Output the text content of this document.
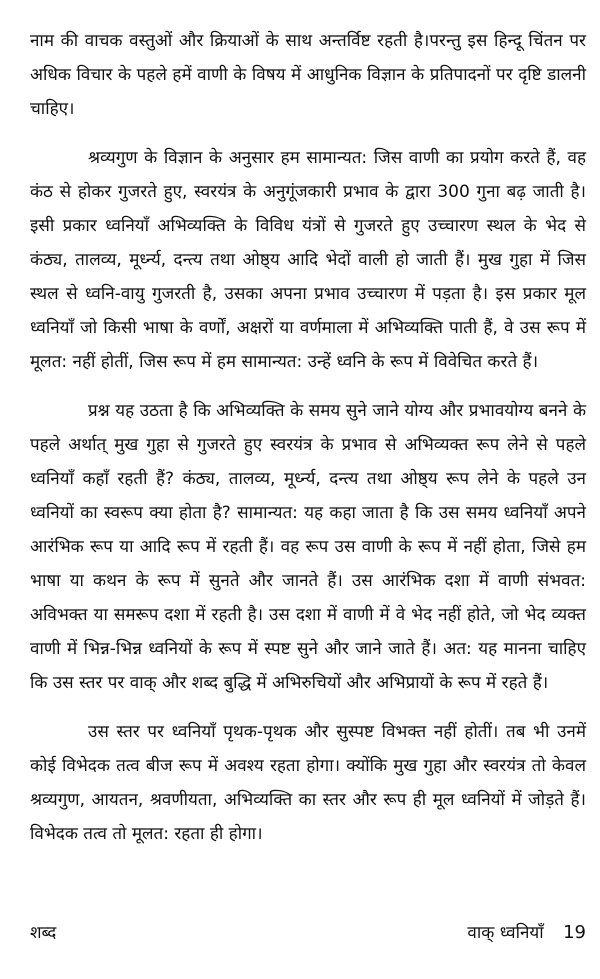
नाम की वाचक वस्तुओं और क्रियाओं के साथ अन्तर्विष्ट रहती है।परन्तु इस हिन्दू चिंतन पर अधिक विचार के पहले हमें वाणी के विषय में आधुनिक विज्ञान के प्रतिपादनों पर दृष्टि डालनी चाहिए।

श्रव्यगुण के विज्ञान के अनुसार हम सामान्यत: जिस वाणी का प्रयोग करते हैं, वह कंठ से होकर गुजरते हुए, स्वरयंत्र के अनुगूंजकारी प्रभाव के द्वारा 300 गुना बढ़ जाती है। इसी प्रकार ध्वनियाँ अभिव्यक्ति के विविध यंत्रों से गुजरते हुए उच्चारण स्थल के भेद से कंठ्य, तालव्य, मूर्ध्न्य, दन्त्य तथा ओष्ठ्य आदि भेदों वाली हो जाती हैं। मुख गुहा में जिस स्थल से ध्वनि-वायु गुजरती है, उसका अपना प्रभाव उच्चारण में पड़ता है। इस प्रकार मूल ध्वनियाँ जो किसी भाषा के वर्णों, अक्षरों या वर्णमाला में अभिव्यक्ति पाती हैं, वे उस रूप में मूलत: नहीं होतीं, जिस रूप में हम सामान्यत: उन्हें ध्वनि के रूप में विवेचित करते हैं।

प्रश्न यह उठता है कि अभिव्यक्ति के समय सुने जाने योग्य और प्रभावयोग्य बनने के पहले अर्थात् मुख गुहा से गुजरते हुए स्वरयंत्र के प्रभाव से अभिव्यक्त रूप लेने से पहले ध्वनियाँ कहाँ रहती हैं? कंठ्य, तालव्य, मूर्ध्न्य, दन्त्य तथा ओष्ठ्य रूप लेने के पहले उन ध्वनियों का स्वरूप क्या होता है? सामान्यत: यह कहा जाता है कि उस समय ध्वनियाँ अपने आरंभिक रूप या आदि रूप में रहती हैं। वह रूप उस वाणी के रूप में नहीं होता, जिसे हम भाषा या कथन के रूप में सुनते और जानते हैं। उस आरंभिक दशा में वाणी संभवत: अविभक्त या समरूप दशा में रहती है। उस दशा में वाणी में वे भेद नहीं होते, जो भेद व्यक्त वाणी में भिन्न-भिन्न ध्वनियों के रूप में स्पष्ट सुने और जाने जाते हैं। अत: यह मानना चाहिए कि उस स्तर पर वाक् और शब्द बुद्धि में अभिरुचियों और अभिप्रायों के रूप में रहते हैं।

उस स्तर पर ध्वनियाँ पृथक-पृथक और सुस्पष्ट विभक्त नहीं होतीं। तब भी उनमें कोई विभेदक तत्व बीज रूप में अवश्य रहता होगा। क्योंकि मुख गुहा और स्वरयंत्र तो केवल श्रव्यगुण, आयतन, श्रवणीयता, अभिव्यक्ति का स्तर और रूप ही मूल ध्वनियों में जोड़ते हैं। विभेदक तत्व तो मूलत: रहता ही होगा।

शब्द	वाक् ध्वनियाँ 19
